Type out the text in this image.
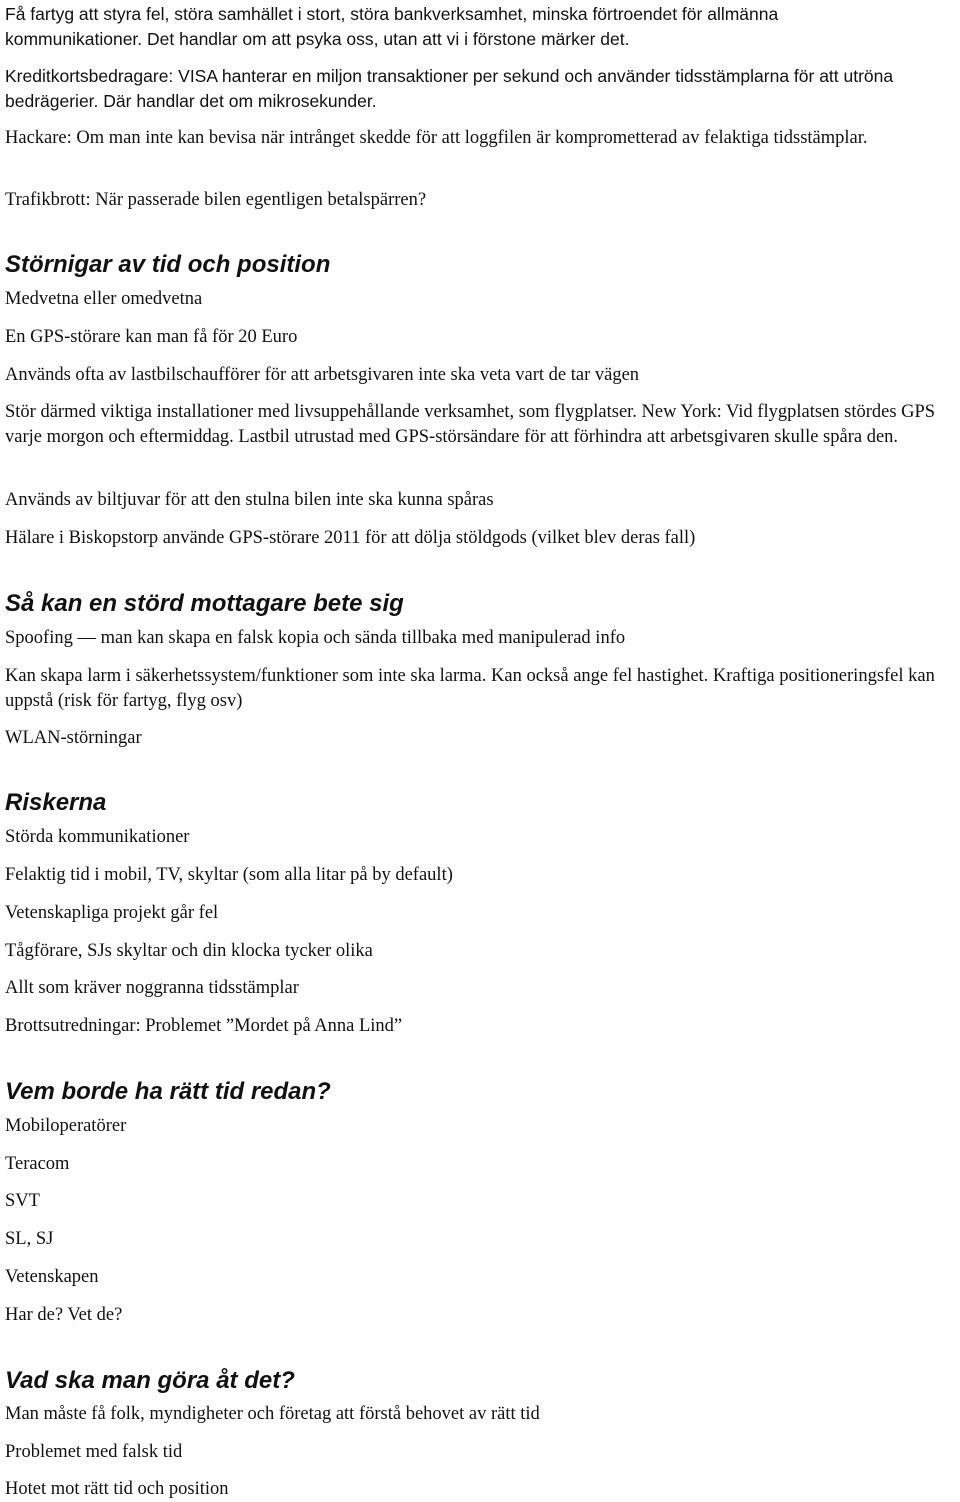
Få fartyg att styra fel, störa samhället i stort, störa bankverksamhet, minska förtroendet för allmänna kommunikationer. Det handlar om att psyka oss, utan att vi i förstone märker det.

Kreditkortsbedragare: VISA hanterar en miljon transaktioner per sekund och använder tidsstämplarna för att utröna bedrägerier. Där handlar det om mikrosekunder.

Hackare: Om man inte kan bevisa när intrånget skedde för att loggfilen är komprometterad av felaktiga tidsstämplar.

Trafikbrott: När passerade bilen egentligen betalspärren?

Störnigar av tid och position

Medvetna eller omedvetna

En GPS-störare kan man få för 20 Euro

Används ofta av lastbilschaufförer för att arbetsgivaren inte ska veta vart de tar vägen

Stör därmed viktiga installationer med livsuppehållande verksamhet, som flygplatser. New York: Vid flygplatsen stördes GPS varje morgon och eftermiddag. Lastbil utrustad med GPS-störsändare för att förhindra att arbetsgivaren skulle spåra den.

Används av biltjuvar för att den stulna bilen inte ska kunna spåras

Hälare i Biskopstorp använde GPS-störare 2011 för att dölja stöldgods (vilket blev deras fall)

Så kan en störd mottagare bete sig

Spoofing — man kan skapa en falsk kopia och sända tillbaka med manipulerad info

Kan skapa larm i säkerhetssystem/funktioner som inte ska larma. Kan också ange fel hastighet. Kraftiga positioneringsfel kan uppstå (risk för fartyg, flyg osv)

WLAN-störningar

Riskerna

Störda kommunikationer

Felaktig tid i mobil, TV, skyltar (som alla litar på by default)

Vetenskapliga projekt går fel

Tågförare, SJs skyltar och din klocka tycker olika

Allt som kräver noggranna tidsstämplar

Brottsutredningar: Problemet ”Mordet på Anna Lind”

Vem borde ha rätt tid redan?

Mobiloperatörer

Teracom

SVT

SL, SJ

Vetenskapen

Har de? Vet de?

Vad ska man göra åt det?

Man måste få folk, myndigheter och företag att förstå behovet av rätt tid

Problemet med falsk tid

Hotet mot rätt tid och position
